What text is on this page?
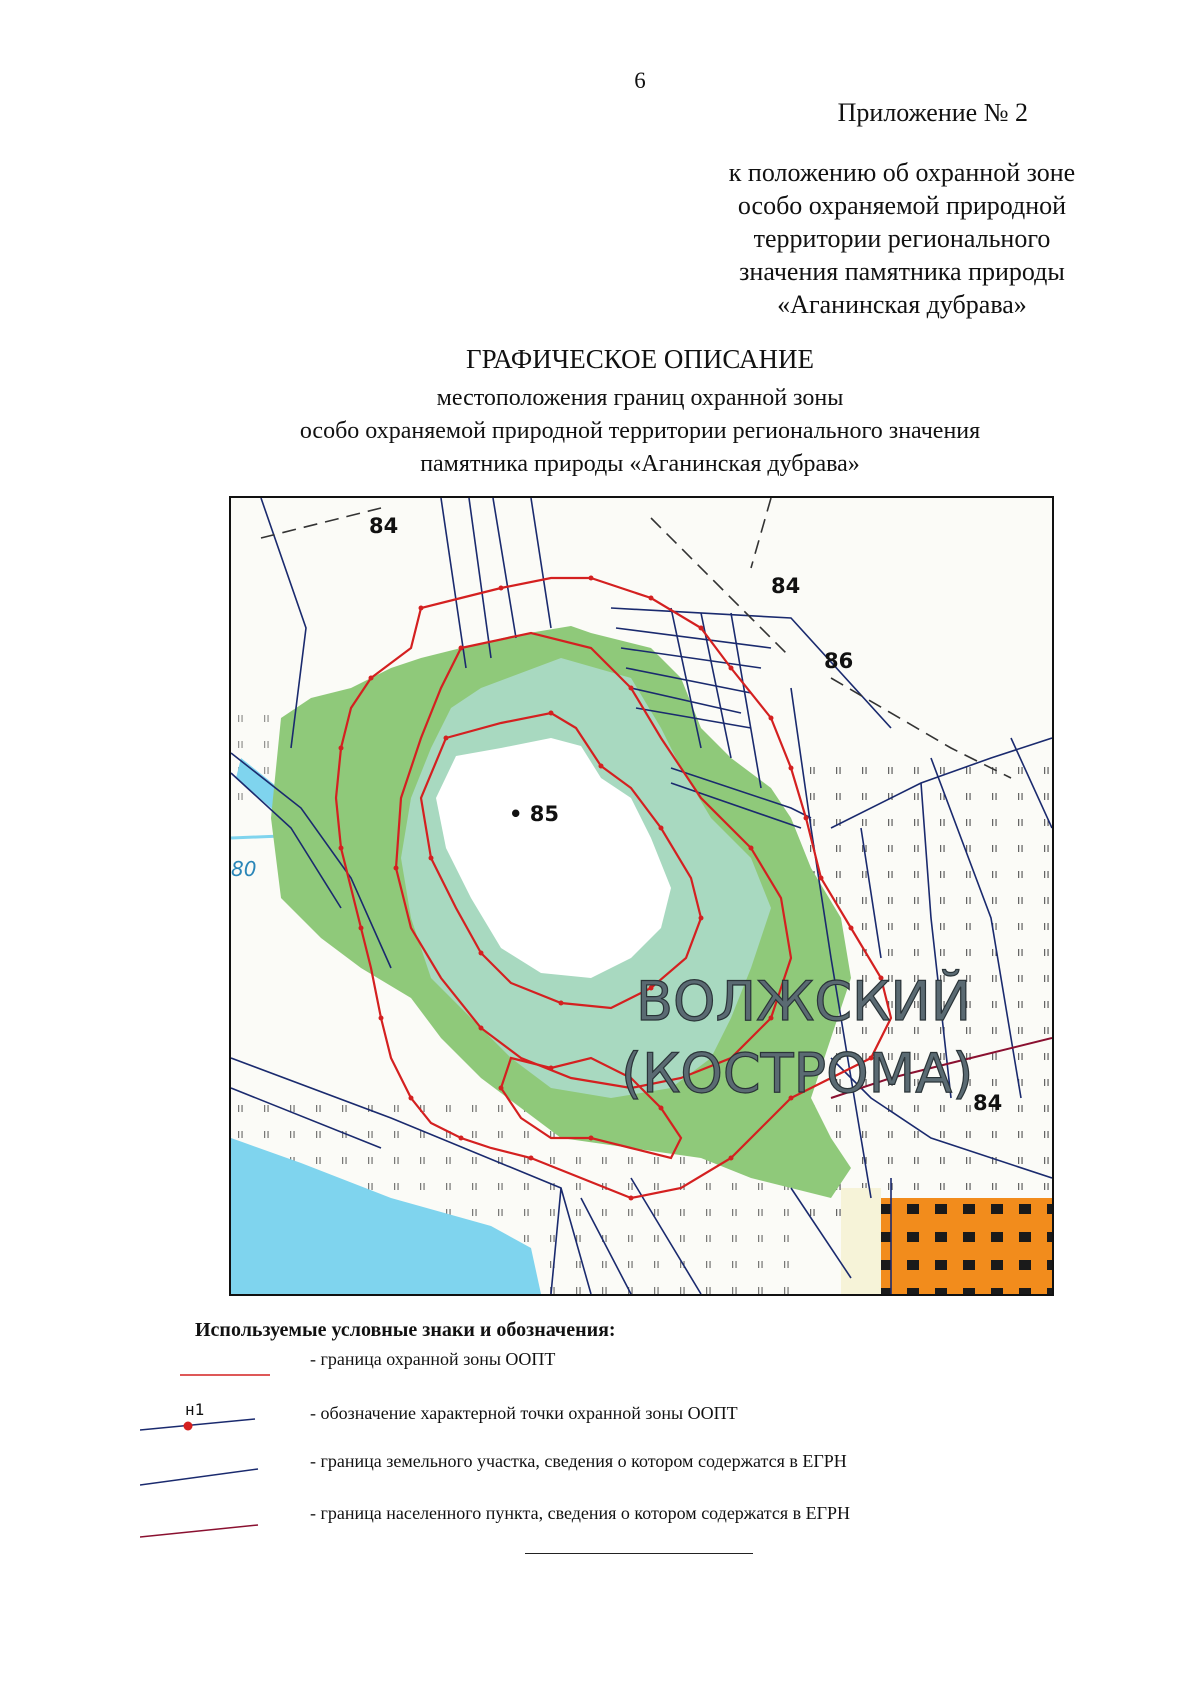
6
Приложение № 2
к положению об охранной зоне
особо охраняемой природной
территории регионального
значения памятника природы
«Аганинская дубрава»
ГРАФИЧЕСКОЕ ОПИСАНИЕ
местоположения границ охранной зоны
особо охраняемой природной территории регионального значения
памятника природы «Аганинская дубрава»
84
84
86
• 85
84
80
ВОЛЖСКИЙ
(КОСТРОМА)
Используемые условные знаки и обозначения:
- граница охранной зоны ООПТ
н1	- обозначение характерной точки охранной зоны ООПТ
- граница земельного участка, сведения о котором содержатся в ЕГРН
- граница населенного пункта, сведения о котором содержатся в ЕГРН
